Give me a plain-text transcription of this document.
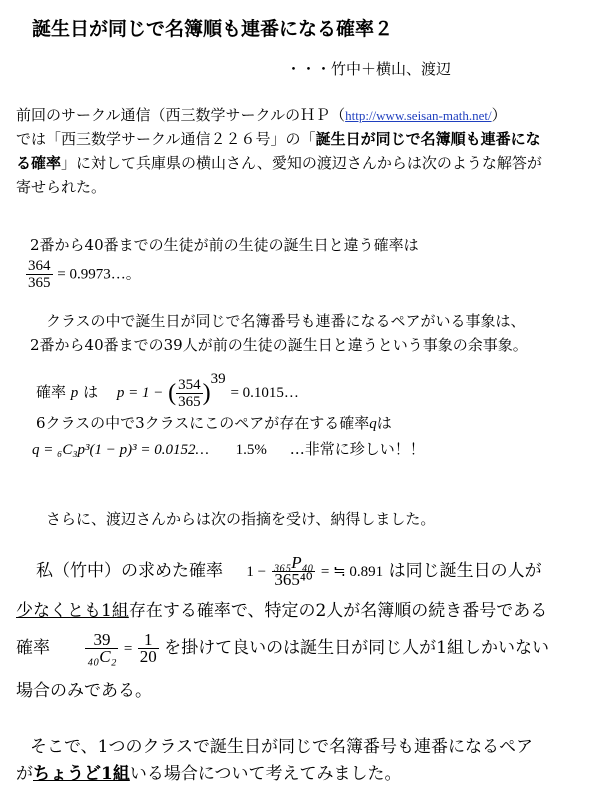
誕生日が同じで名簿順も連番になる確率２
・・・竹中＋横山、渡辺
前回のサークル通信（西三数学サークルのＨＰ（http://www.seisan-math.net/）
では「西三数学サークル通信２２６号」の「誕生日が同じで名簿順も連番にな
る確率」に対して兵庫県の横山さん、愛知の渡辺さんからは次のような解答が
寄せられた。
2番から40番までの生徒が前の生徒の誕生日と違う確率は
$\frac{364}{365}$ = 0.9973…。
クラスの中で誕生日が同じで名簿番号も連番になるペアがいる事象は、
2番から40番までの39人が前の生徒の誕生日と違うという事象の余事象。
確率 p は p = 1 − ( $\frac{354}{365} )^{39}$ = 0.1015…
6クラスの中で3クラスにこのペアが存在する確率qは
q = ₆C₃p³(1 − p)³ = 0.0152… 1.5% …非常に珍しい！！
さらに、渡辺さんからは次の指摘を受け、納得しました。
私（竹中）の求めた確率 $1 - \frac{\text{₃₆₅P₄₀}}{\text{365⁴⁰}}$ = ≒ 0.891 は同じ誕生日の人が
少なくとも1組存在する確率で、特定の2人が名簿順の続き番号である
確率 $\frac{39}{\text{₄₀C₂}} = \frac{1}{20}$ を掛けて良いのは誕生日が同じ人が1組しかいない
場合のみである。
そこで、1つのクラスで誕生日が同じで名簿番号も連番になるペア
がちょうど1組いる場合について考えてみました。
